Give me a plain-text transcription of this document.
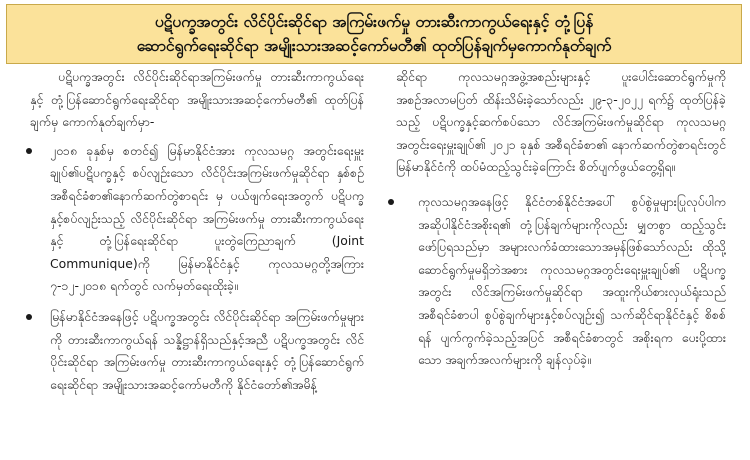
ပဋိပက္ခအတွင်း လိင်ပိုင်းဆိုင်ရာ အကြမ်းဖက်မှု တားဆီးကာကွယ်ရေးနှင့် တုံ့ပြန်
ဆောင်ရွက်ရေးဆိုင်ရာ အမျိုးသားအဆင့်ကော်မတီ၏ ထုတ်ပြန်ချက်မှကောက်နုတ်ချက်

ပဋိပက္ခအတွင်း လိင်ပိုင်းဆိုင်ရာအကြမ်းဖက်မှု တားဆီးကာကွယ်ရေးနှင့် တုံ့ပြန်ဆောင်ရွက်ရေးဆိုင်ရာ အမျိုးသားအဆင့်ကော်မတီ၏ ထုတ်ပြန်ချက်မှ ကောက်နုတ်ချက်မှာ-

၂၀၁၈ ခုနှစ်မှ စတင်၍ မြန်မာနိုင်ငံအား ကုလသမဂ္ဂ အတွင်းရေးမှူးချုပ်၏ပဋိပက္ခနှင့် စပ်လျဉ်းသော လိင်ပိုင်းအကြမ်းဖက်မှုဆိုင်ရာ နှစ်စဉ်အစီရင်ခံစာ၏နောက်ဆက်တွဲစာရင်း မှ ပယ်ဖျက်ရေးအတွက် ပဋိပက္ခနှင့်စပ်လျဉ်းသည့် လိင်ပိုင်းဆိုင်ရာ အကြမ်းဖက်မှု တားဆီးကာကွယ်ရေးနှင့် တုံ့ပြန်ရေးဆိုင်ရာ ပူးတွဲကြေညာချက် (Joint Communique)ကို မြန်မာနိုင်ငံနှင့် ကုလသမဂ္ဂတို့အကြား ၇-၁၂-၂၀၁၈ ရက်တွင် လက်မှတ်ရေးထိုးခဲ့။
မြန်မာနိုင်ငံအနေဖြင့် ပဋိပက္ခအတွင်း လိင်ပိုင်းဆိုင်ရာ အကြမ်းဖက်မှုများကို တားဆီးကာကွယ်ရန် သန္နိဋ္ဌာန်ရှိသည်နှင့်အညီ ပဋိပက္ခအတွင်း လိင်ပိုင်းဆိုင်ရာ အကြမ်းဖက်မှု တားဆီးကာကွယ်ရေးနှင့် တုံ့ပြန်ဆောင်ရွက်ရေးဆိုင်ရာ အမျိုးသားအဆင့်ကော်မတီကို နိုင်ငံတော်၏အမိန့်

ဆိုင်ရာ ကုလသမဂ္ဂအဖွဲ့အစည်းများနှင့် ပူးပေါင်းဆောင်ရွက်မှုကို အစဉ်အလာမပြတ် ထိန်းသိမ်းခဲ့သော်လည်း ၂၉-၃-၂၀၂၂ ရက်၌ ထုတ်ပြန်ခဲ့သည့် ပဋိပက္ခနှင့်ဆက်စပ်သော လိင်အကြမ်းဖက်မှုဆိုင်ရာ ကုလသမဂ္ဂအတွင်းရေးမှူးချုပ်၏ ၂၀၂၁ ခုနှစ် အစီရင်ခံစာ၏ နောက်ဆက်တွဲစာရင်းတွင် မြန်မာနိုင်ငံကို ထပ်မံထည့်သွင်းခဲ့ကြောင်း စိတ်ပျက်ဖွယ်တွေ့ရှိရ။

ကုလသမဂ္ဂအနေဖြင့် နိုင်ငံတစ်နိုင်ငံအပေါ် စွပ်စွဲမှုများပြုလုပ်ပါက အဆိုပါနိုင်ငံအစိုးရ၏ တုံ့ပြန်ချက်များကိုလည်း မျှတစွာ ထည့်သွင်းဖော်ပြရသည်မှာ အများလက်ခံထားသောအမှန်ဖြစ်သော်လည်း ထိုသို့ဆောင်ရွက်မှုမရှိဘဲအစား ကုလသမဂ္ဂအတွင်းရေးမှူးချုပ်၏ ပဋိပက္ခအတွင်း လိင်အကြမ်းဖက်မှုဆိုင်ရာ အထူးကိုယ်စားလှယ်ရုံးသည် အစီရင်ခံစာပါ စွပ်စွဲချက်များနှင့်စပ်လျဉ်း၍ သက်ဆိုင်ရာနိုင်ငံနှင့် စိစစ်ရန် ပျက်ကွက်ခဲ့သည့်အပြင် အစီရင်ခံစာတွင် အစိုးရက ပေးပို့ထားသော အချက်အလက်များကို ချန်လှပ်ခဲ့။
